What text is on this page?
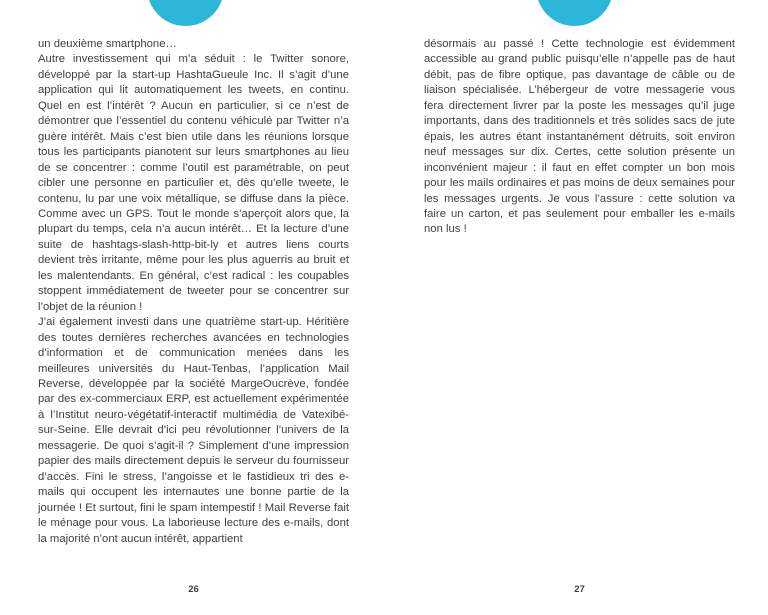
un deuxième smartphone…

Autre investissement qui m’a séduit : le Twitter sonore, développé par la start-up HashtaGueule Inc. Il s’agit d’une application qui lit automatiquement les tweets, en continu. Quel en est l’intérêt ? Aucun en particulier, si ce n’est de démontrer que l’essentiel du contenu véhiculé par Twitter n’a guère intérêt. Mais c’est bien utile dans les réunions lorsque tous les participants pianotent sur leurs smartphones au lieu de se concentrer : comme l’outil est paramétrable, on peut cibler une personne en particulier et, dès qu’elle tweete, le contenu, lu par une voix métallique, se diffuse dans la pièce. Comme avec un GPS. Tout le monde s’aperçoit alors que, la plupart du temps, cela n’a aucun intérêt… Et la lecture d’une suite de hashtags-slash-http-bit-ly et autres liens courts devient très irritante, même pour les plus aguerris au bruit et les malentendants. En général, c’est radical : les coupables stoppent immédiatement de tweeter pour se concentrer sur l’objet de la réunion !

J’ai également investi dans une quatrième start-up. Héritière des toutes dernières recherches avancées en technologies d’information et de communication menées dans les meilleures universités du Haut-Tenbas, l’application Mail Reverse, développée par la société MargeOucrève, fondée par des ex-commerciaux ERP, est actuellement expérimentée à l’Institut neuro-végétatif-interactif multimédia de Vatexibé-sur-Seine. Elle devrait d’ici peu révolutionner l’univers de la messagerie. De quoi s’agit-il ? Simplement d’une impression papier des mails directement depuis le serveur du fournisseur d’accès. Fini le stress, l’angoisse et le fastidieux tri des e-mails qui occupent les internautes une bonne partie de la journée ! Et surtout, fini le spam intempestif ! Mail Reverse fait le ménage pour vous. La laborieuse lecture des e-mails, dont la majorité n’ont aucun intérêt, appartient

désormais au passé ! Cette technologie est évidemment accessible au grand public puisqu’elle n’appelle pas de haut débit, pas de fibre optique, pas davantage de câble ou de liaison spécialisée. L’hébergeur de votre messagerie vous fera directement livrer par la poste les messages qu’il juge importants, dans des traditionnels et très solides sacs de jute épais, les autres étant instantanément détruits, soit environ neuf messages sur dix. Certes, cette solution présente un inconvénient majeur : il faut en effet compter un bon mois pour les mails ordinaires et pas moins de deux semaines pour les messages urgents. Je vous l’assure : cette solution va faire un carton, et pas seulement pour emballer les e-mails non lus !

26	27
